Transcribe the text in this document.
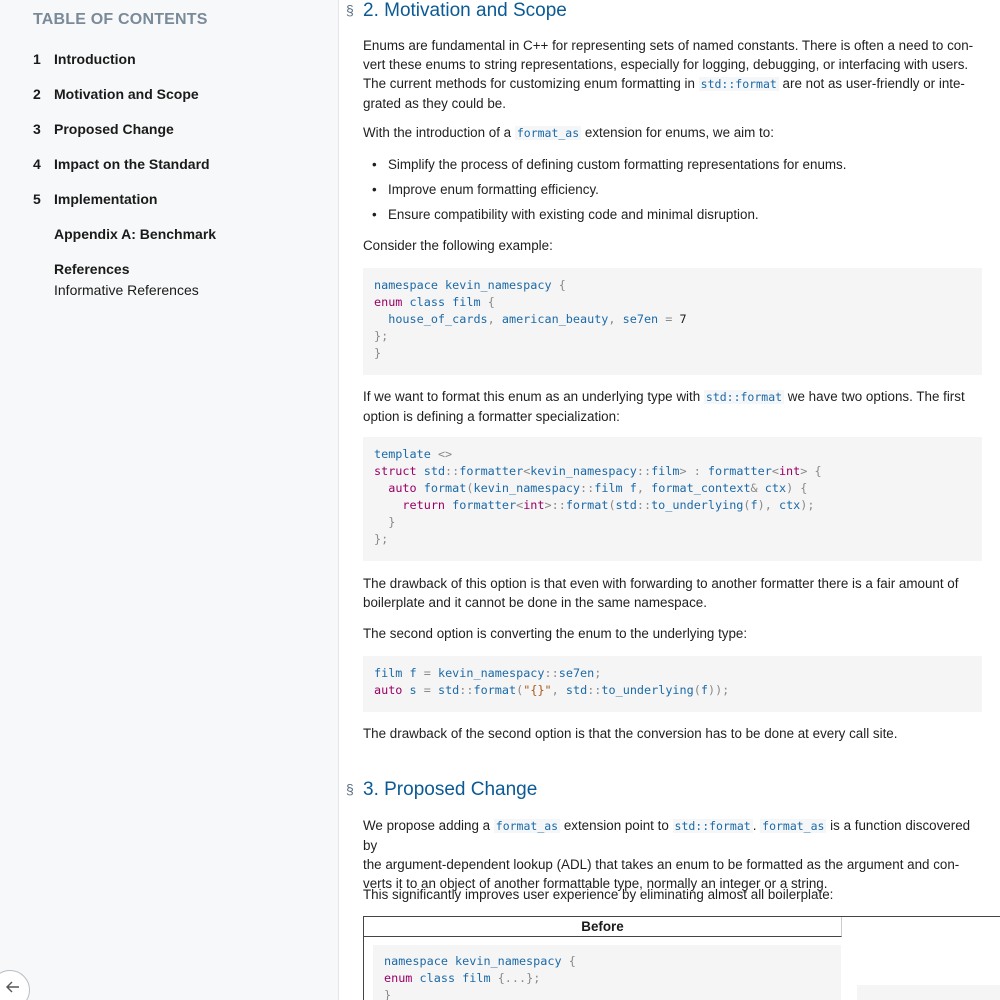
TABLE OF CONTENTS
1 Introduction
2 Motivation and Scope
3 Proposed Change
4 Impact on the Standard
5 Implementation
Appendix A: Benchmark
References
Informative References
§ 2. Motivation and Scope

Enums are fundamental in C++ for representing sets of named constants. There is often a need to con-
vert these enums to string representations, especially for logging, debugging, or interfacing with users.
The current methods for customizing enum formatting in std::format are not as user-friendly or inte-
grated as they could be.

With the introduction of a format_as extension for enums, we aim to:

• Simplify the process of defining custom formatting representations for enums.
• Improve enum formatting efficiency.
• Ensure compatibility with existing code and minimal disruption.

Consider the following example:

namespace kevin_namespacy {
enum class film {
house_of_cards, american_beauty, se7en = 7
};
}

If we want to format this enum as an underlying type with std::format we have two options. The first
option is defining a formatter specialization:

template <>
struct std::formatter<kevin_namespacy::film> : formatter<int> {
auto format(kevin_namespacy::film f, format_context& ctx) {
return formatter<int>::format(std::to_underlying(f), ctx);
}
};

The drawback of this option is that even with forwarding to another formatter there is a fair amount of
boilerplate and it cannot be done in the same namespace.

The second option is converting the enum to the underlying type:

film f = kevin_namespacy::se7en;
auto s = std::format("{}", std::to_underlying(f));

The drawback of the second option is that the conversion has to be done at every call site.

§ 3. Proposed Change

We propose adding a format_as extension point to std::format . format_as is a function discovered by
the argument-dependent lookup (ADL) that takes an enum to be formatted as the argument and con-
verts it to an object of another formattable type, normally an integer or a string.

This significantly improves user experience by eliminating almost all boilerplate:

Before
namespace kevin_namespacy {
enum class film {...};
}
